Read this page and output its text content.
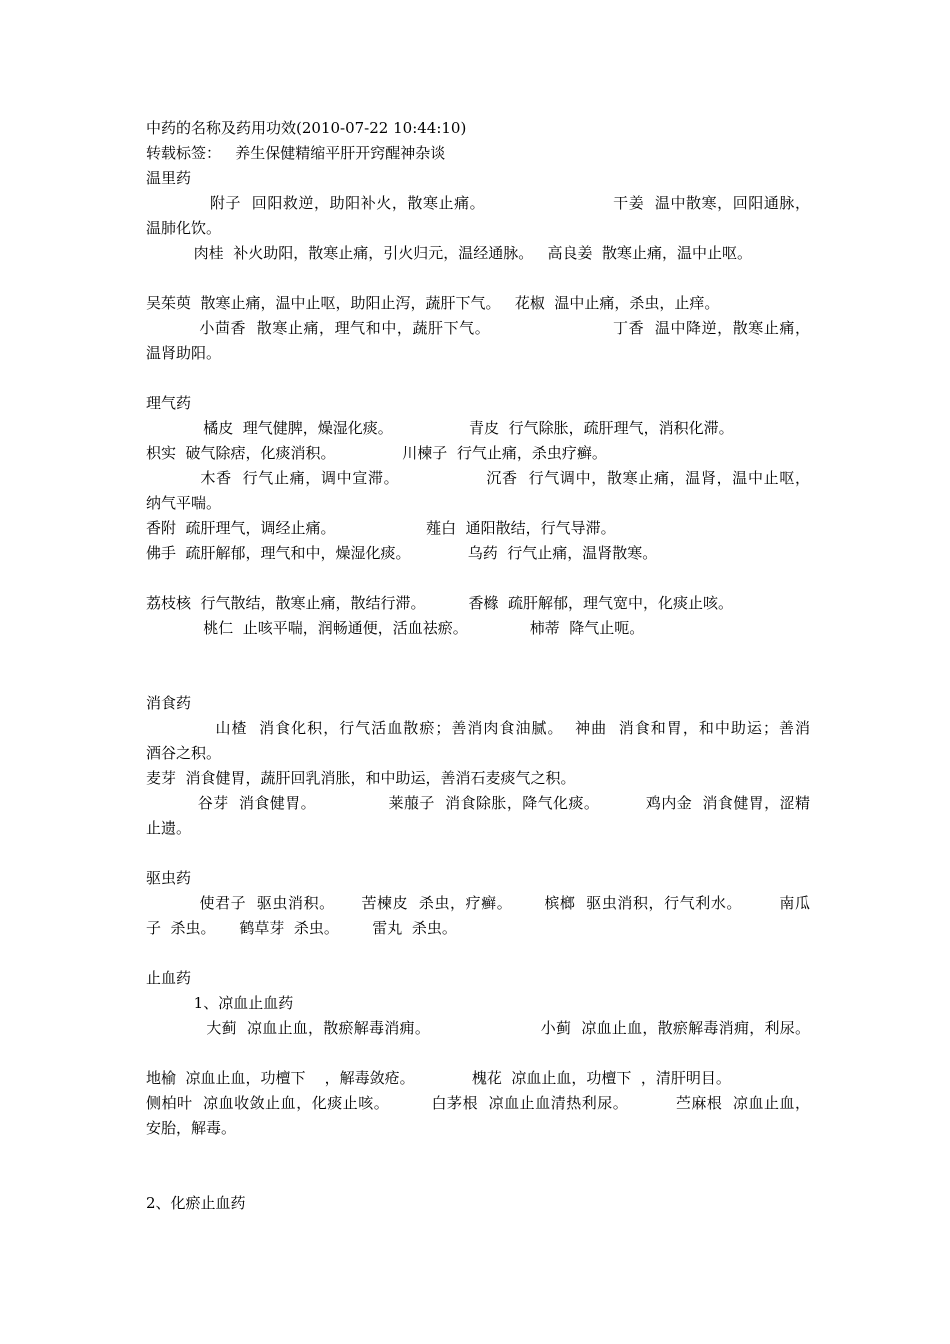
中药的名称及药用功效(2010-07-22 10:44:10)
转载标签：   养生保健精缩平肝开窍醒神杂谈
温里药
附子  回阳救逆，助阳补火，散寒止痛。                        干姜  温中散寒，回阳通脉，
温肺化饮。
肉桂  补火助阳，散寒止痛，引火归元，温经通脉。   高良姜  散寒止痛，温中止呕。
吴茱萸  散寒止痛，温中止呕，助阳止泻，蔬肝下气。   花椒  温中止痛，杀虫，止痒。
小茴香  散寒止痛，理气和中，蔬肝下气。                       丁香  温中降逆，散寒止痛，
温肾助阳。
理气药
橘皮  理气健脾，燥湿化痰。                青皮  行气除胀，疏肝理气，消积化滞。
枳实  破气除痞，化痰消积。              川楝子  行气止痛，杀虫疗癣。
木香  行气止痛，调中宣滞。                沉香  行气调中，散寒止痛，温肾，温中止呕，
纳气平喘。
香附  疏肝理气，调经止痛。                   薤白  通阳散结，行气导滞。
佛手  疏肝解郁，理气和中，燥湿化痰。            乌药  行气止痛，温肾散寒。
荔枝核  行气散结，散寒止痛，散结行滞。         香橼  疏肝解郁，理气宽中，化痰止咳。
桃仁  止咳平喘，润畅通便，活血祛瘀。             柿蒂  降气止呃。
消食药
山楂  消食化积，行气活血散瘀；善消肉食油腻。  神曲  消食和胃，和中助运；善消
酒谷之积。
麦芽  消食健胃，蔬肝回乳消胀，和中助运，善消石麦痰气之积。
谷芽  消食健胃。              莱菔子  消食除胀，降气化痰。         鸡内金  消食健胃，涩精
止遗。
驱虫药
使君子  驱虫消积。     苦楝皮  杀虫，疗癣。      槟榔  驱虫消积，行气利水。       南瓜
子  杀虫。     鹤草芽  杀虫。       雷丸  杀虫。
止血药
1、凉血止血药
大蓟  凉血止血，散瘀解毒消痈。                      小蓟  凉血止血，散瘀解毒消痈，利尿。
地榆  凉血止血，功檀下    ，解毒敛疮。            槐花  凉血止血，功檀下  ，清肝明目。
侧柏叶  凉血收敛止血，化痰止咳。        白茅根  凉血止血清热利尿。         苎麻根  凉血止血，
安胎，解毒。
2、化瘀止血药
